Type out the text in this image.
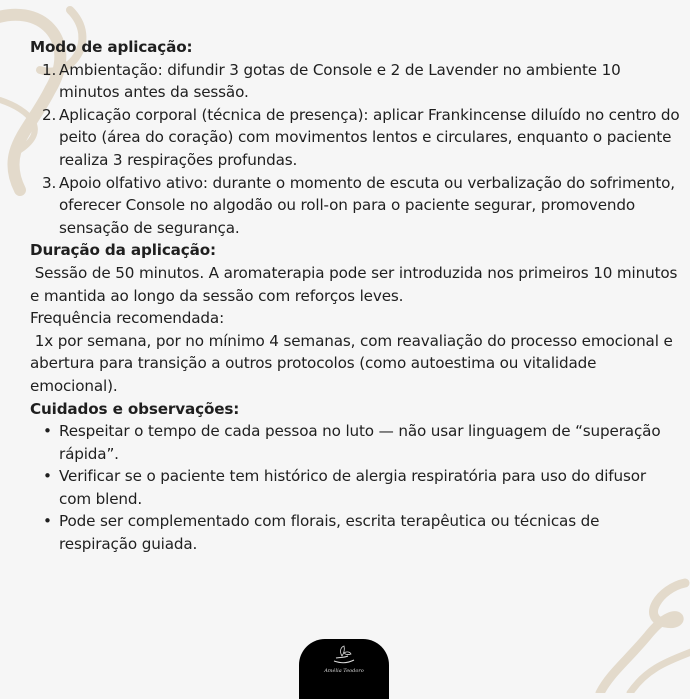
Modo de aplicação:
1. Ambientação: difundir 3 gotas de Console e 2 de Lavender no ambiente 10 minutos antes da sessão.
2. Aplicação corporal (técnica de presença): aplicar Frankincense diluído no centro do peito (área do coração) com movimentos lentos e circulares, enquanto o paciente realiza 3 respirações profundas.
3. Apoio olfativo ativo: durante o momento de escuta ou verbalização do sofrimento, oferecer Console no algodão ou roll-on para o paciente segurar, promovendo sensação de segurança.
Duração da aplicação:
Sessão de 50 minutos. A aromaterapia pode ser introduzida nos primeiros 10 minutos e mantida ao longo da sessão com reforços leves.
Frequência recomendada:
1x por semana, por no mínimo 4 semanas, com reavaliação do processo emocional e abertura para transição a outros protocolos (como autoestima ou vitalidade emocional).
Cuidados e observações:
• Respeitar o tempo de cada pessoa no luto — não usar linguagem de “superação rápida”.
• Verificar se o paciente tem histórico de alergia respiratória para uso do difusor com blend.
• Pode ser complementado com florais, escrita terapêutica ou técnicas de respiração guiada.
Amélia Teodoro
